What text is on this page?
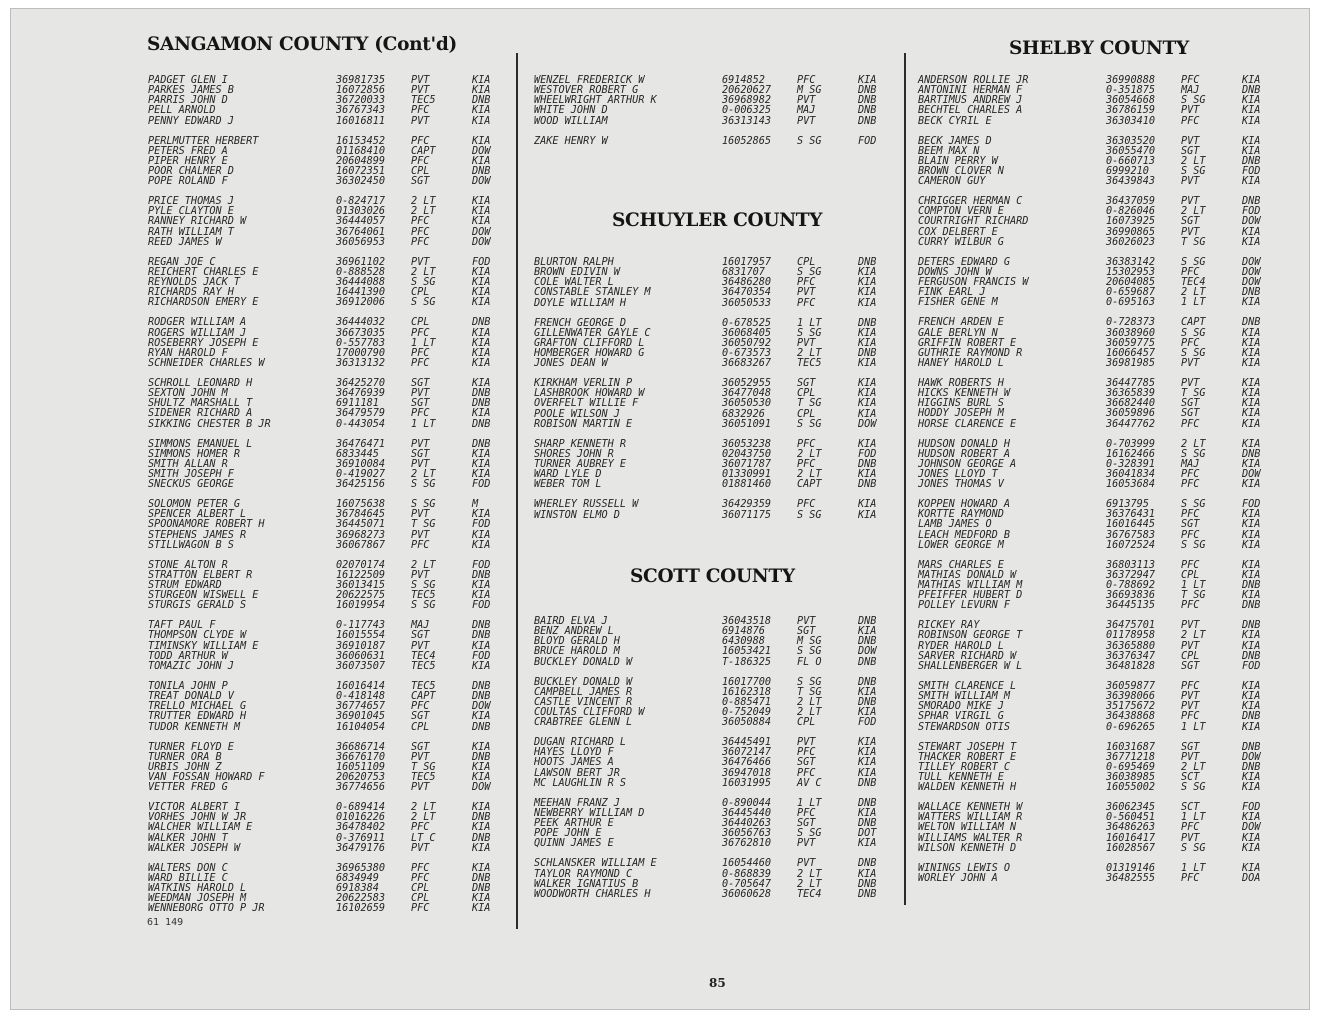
SANGAMON COUNTY (Cont'd)
SCHUYLER COUNTY
SCOTT COUNTY
SHELBY COUNTY
PADGET GLEN I	36981735	PVT	KIA
PARKES JAMES B	16072856	PVT	KIA
PARRIS JOHN D	36720033	TEC5	DNB
PELL ARNOLD	36767343	PFC	KIA
PENNY EDWARD J	16016811	PVT	KIA
PERLMUTTER HERBERT	16153452	PFC	KIA
PETERS FRED A	01168410	CAPT	DOW
PIPER HENRY E	20604899	PFC	KIA
POOR CHALMER D	16072351	CPL	DNB
POPE ROLAND F	36302450	SGT	DOW
PRICE THOMAS J	0-824717	2 LT	KIA
PYLE CLAYTON E	01303026	2 LT	KIA
RANNEY RICHARD W	36444057	PFC	KIA
RATH WILLIAM T	36764061	PFC	DOW
REED JAMES W	36056953	PFC	DOW
REGAN JOE C	36961102	PVT	FOD
REICHERT CHARLES E	0-888528	2 LT	KIA
REYNOLDS JACK T	36444088	S SG	KIA
RICHARDS RAY H	16441390	CPL	KIA
RICHARDSON EMERY E	36912006	S SG	KIA
RODGER WILLIAM A	36444032	CPL	DNB
ROGERS WILLIAM J	36673035	PFC	KIA
ROSEBERRY JOSEPH E	0-557783	1 LT	KIA
RYAN HAROLD F	17000790	PFC	KIA
SCHNEIDER CHARLES W	36313132	PFC	KIA
SCHROLL LEONARD H	36425270	SGT	KIA
SEXTON JOHN M	36476939	PVT	DNB
SHULTZ MARSHALL T	6911181	SGT	DNB
SIDENER RICHARD A	36479579	PFC	KIA
SIKKING CHESTER B JR	0-443054	1 LT	DNB
SIMMONS EMANUEL L	36476471	PVT	DNB
SIMMONS HOMER R	6833445	SGT	KIA
SMITH ALLAN R	36910084	PVT	KIA
SMITH JOSEPH F	0-419027	2 LT	KIA
SNECKUS GEORGE	36425156	S SG	FOD
SOLOMON PETER G	16075638	S SG	M
SPENCER ALBERT L	36784645	PVT	KIA
SPOONAMORE ROBERT H	36445071	T SG	FOD
STEPHENS JAMES R	36968273	PVT	KIA
STILLWAGON B S	36067867	PFC	KIA
STONE ALTON R	02070174	2 LT	FOD
STRATTON ELBERT R	16122509	PVT	DNB
STRUM EDWARD	36013415	S SG	KIA
STURGEON WISWELL E	20622575	TEC5	KIA
STURGIS GERALD S	16019954	S SG	FOD
TAFT PAUL F	0-117743	MAJ	DNB
THOMPSON CLYDE W	16015554	SGT	DNB
TIMINSKY WILLIAM E	36910187	PVT	KIA
TODD ARTHUR W	36060631	TEC4	FOD
TOMAZIC JOHN J	36073507	TEC5	KIA
TONILA JOHN P	16016414	TEC5	DNB
TREAT DONALD V	0-418148	CAPT	DNB
TRELLO MICHAEL G	36774657	PFC	DOW
TRUTTER EDWARD H	36901045	SGT	KIA
TUDOR KENNETH M	16104054	CPL	DNB
TURNER FLOYD E	36686714	SGT	KIA
TURNER ORA B	36676170	PVT	DNB
URBIS JOHN Z	16051109	T SG	KIA
VAN FOSSAN HOWARD F	20620753	TEC5	KIA
VETTER FRED G	36774656	PVT	DOW
VICTOR ALBERT I	0-689414	2 LT	KIA
VORHES JOHN W JR	01016226	2 LT	DNB
WALCHER WILLIAM E	36478402	PFC	KIA
WALKER JOHN T	0-376911	LT C	DNB
WALKER JOSEPH W	36479176	PVT	KIA
WALTERS DON C	36965380	PFC	KIA
WARD BILLIE C	6834949	PFC	DNB
WATKINS HAROLD L	6918384	CPL	DNB
WEEDMAN JOSEPH M	20622583	CPL	KIA
WENNEBORG OTTO P JR	16102659	PFC	KIA
WENZEL FREDERICK W	6914852	PFC	KIA
WESTOVER ROBERT G	20620627	M SG	DNB
WHEELWRIGHT ARTHUR K	36968982	PVT	DNB
WHITE JOHN D	0-006325	MAJ	DNB
WOOD WILLIAM	36313143	PVT	DNB
ZAKE HENRY W	16052865	S SG	FOD
BLURTON RALPH	16017957	CPL	DNB
BROWN EDIVIN W	6831707	S SG	KIA
COLE WALTER L	36486280	PFC	KIA
CONSTABLE STANLEY M	36470354	PVT	KIA
DOYLE WILLIAM H	36050533	PFC	KIA
FRENCH GEORGE D	0-678525	1 LT	DNB
GILLENWATER GAYLE C	36068405	S SG	KIA
GRAFTON CLIFFORD L	36050792	PVT	KIA
HOMBERGER HOWARD G	0-673573	2 LT	DNB
JONES DEAN W	36683267	TEC5	KIA
KIRKHAM VERLIN P	36052955	SGT	KIA
LASHBROOK HOWARD W	36477048	CPL	KIA
OVERFELT WILLIE F	36050530	T SG	KIA
POOLE WILSON J	6832926	CPL	KIA
ROBISON MARTIN E	36051091	S SG	DOW
SHARP KENNETH R	36053238	PFC	KIA
SHORES JOHN R	02043750	2 LT	FOD
TURNER AUBREY E	36071787	PFC	DNB
WARD LYLE D	01330991	2 LT	KIA
WEBER TOM L	01881460	CAPT	DNB
WHERLEY RUSSELL W	36429359	PFC	KIA
WINSTON ELMO D	36071175	S SG	KIA
BAIRD ELVA J	36043518	PVT	DNB
BENZ ANDREW L	6914876	SGT	KIA
BLOYD GERALD H	6430988	M SG	DNB
BRUCE HAROLD M	16053421	S SG	DOW
BUCKLEY DONALD W	T-186325	FL O	DNB
BUCKLEY DONALD W	16017700	S SG	DNB
CAMPBELL JAMES R	16162318	T SG	KIA
CASTLE VINCENT R	0-885471	2 LT	DNB
COULTAS CLIFFORD W	0-752049	2 LT	KIA
CRABTREE GLENN L	36050884	CPL	FOD
DUGAN RICHARD L	36445491	PVT	KIA
HAYES LLOYD F	36072147	PFC	KIA
HOOTS JAMES A	36476466	SGT	KIA
LAWSON BERT JR	36947018	PFC	KIA
MC LAUGHLIN R S	16031995	AV C	DNB
MEEHAN FRANZ J	0-890044	1 LT	DNB
NEWBERRY WILLIAM D	36445440	PFC	KIA
PEEK ARTHUR E	36440263	SGT	DNB
POPE JOHN E	36056763	S SG	DOT
QUINN JAMES E	36762810	PVT	KIA
SCHLANSKER WILLIAM E	16054460	PVT	DNB
TAYLOR RAYMOND C	0-868839	2 LT	KIA
WALKER IGNATIUS B	0-705647	2 LT	DNB
WOODWORTH CHARLES H	36060628	TEC4	DNB
ANDERSON ROLLIE JR	36990888	PFC	KIA
ANTONINI HERMAN F	0-351875	MAJ	DNB
BARTIMUS ANDREW J	36054668	S SG	KIA
BECHTEL CHARLES A	36786159	PVT	KIA
BECK CYRIL E	36303410	PFC	KIA
BECK JAMES D	36303520	PVT	KIA
BEEM MAX N	36055470	SGT	KIA
BLAIN PERRY W	0-660713	2 LT	DNB
BROWN CLOVER N	6999210	S SG	FOD
CAMERON GUY	36439843	PVT	KIA
CHRIGGER HERMAN C	36437059	PVT	DNB
COMPTON VERN E	0-826046	2 LT	FOD
COURTRIGHT RICHARD	16073925	SGT	DOW
COX DELBERT E	36990865	PVT	KIA
CURRY WILBUR G	36026023	T SG	KIA
DETERS EDWARD G	36383142	S SG	DOW
DOWNS JOHN W	15302953	PFC	DOW
FERGUSON FRANCIS W	20604085	TEC4	DOW
FINK EARL J	0-659687	2 LT	DNB
FISHER GENE M	0-695163	1 LT	KIA
FRENCH ARDEN E	0-728373	CAPT	DNB
GALE BERLYN N	36038960	S SG	KIA
GRIFFIN ROBERT E	36059775	PFC	KIA
GUTHRIE RAYMOND R	16066457	S SG	KIA
HANEY HAROLD L	36981985	PVT	KIA
HAWK ROBERTS H	36447785	PVT	KIA
HICKS KENNETH W	36365839	T SG	KIA
HIGGINS BURL S	36682440	SGT	KIA
HODDY JOSEPH M	36059896	SGT	KIA
HORSE CLARENCE E	36447762	PFC	KIA
HUDSON DONALD H	0-703999	2 LT	KIA
HUDSON ROBERT A	16162466	S SG	DNB
JOHNSON GEORGE A	0-328391	MAJ	KIA
JONES LLOYD T	36041834	PFC	DOW
JONES THOMAS V	16053684	PFC	KIA
KOPPEN HOWARD A	6913795	S SG	FOD
KORTTE RAYMOND	36376431	PFC	KIA
LAMB JAMES O	16016445	SGT	KIA
LEACH MEDFORD B	36767583	PFC	KIA
LOWER GEORGE M	16072524	S SG	KIA
MARS CHARLES E	36803113	PFC	KIA
MATHIAS DONALD W	36372947	CPL	KIA
MATHIAS WILLIAM M	0-788692	1 LT	DNB
PFEIFFER HUBERT D	36693836	T SG	KIA
POLLEY LEVURN F	36445135	PFC	DNB
RICKEY RAY	36475701	PVT	DNB
ROBINSON GEORGE T	01178958	2 LT	KIA
RYDER HAROLD L	36365880	PVT	KIA
SARVER RICHARD W	36376347	CPL	DNB
SHALLENBERGER W L	36481828	SGT	FOD
SMITH CLARENCE L	36059877	PFC	KIA
SMITH WILLIAM M	36398066	PVT	KIA
SMORADO MIKE J	35175672	PVT	KIA
SPHAR VIRGIL G	36438868	PFC	DNB
STEWARDSON OTIS	0-696265	1 LT	KIA
STEWART JOSEPH T	16031687	SGT	DNB
THACKER ROBERT E	36771218	PVT	DOW
TILLEY ROBERT C	0-695469	2 LT	DNB
TULL KENNETH E	36038985	SCT	KIA
WALDEN KENNETH H	16055002	S SG	KIA
WALLACE KENNETH W	36062345	SCT	FOD
WATTERS WILLIAM R	0-560451	1 LT	KIA
WELTON WILLIAM N	36486263	PFC	DOW
WILLIAMS WALTER R	16016417	PVT	KIA
WILSON KENNETH D	16028567	S SG	KIA
WININGS LEWIS O	01319146	1 LT	KIA
WORLEY JOHN A	36482555	PFC	DOA
61 149
85
